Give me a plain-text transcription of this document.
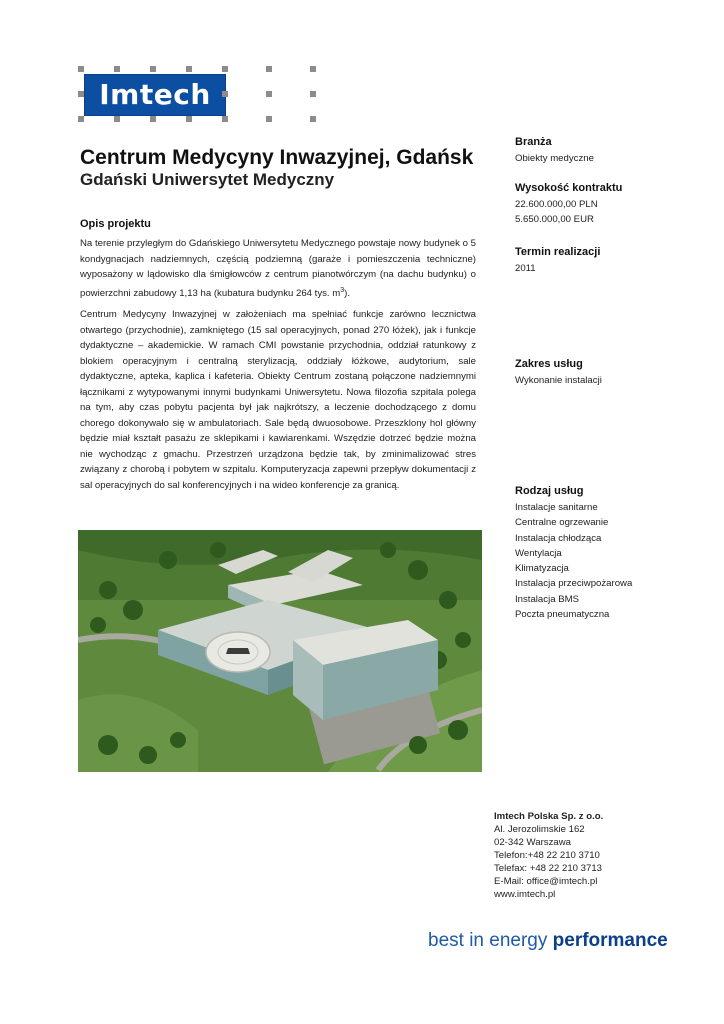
Imtech
Centrum Medycyny Inwazyjnej, Gdańsk
Gdański Uniwersytet Medyczny
Opis projektu

Na terenie przyległym do Gdańskiego Uniwersytetu Medycznego powstaje nowy budynek o 5 kondygnacjach nadziemnych, częścią podziemną (garaże i pomieszczenia techniczne) wyposażony w lądowisko dla śmigłowców z centrum pianotwórczym (na dachu budynku) o powierzchni zabudowy 1,13 ha (kubatura budynku 264 tys. $m^3$).

Centrum Medycyny Inwazyjnej w założeniach ma spełniać funkcje zarówno lecznictwa otwartego (przychodnie), zamkniętego (15 sal operacyjnych, ponad 270 łóżek), jak i funkcje dydaktyczne – akademickie. W ramach CMI powstanie przychodnia, oddział ratunkowy z blokiem operacyjnym i centralną sterylizacją, oddziały łóżkowe, audytorium, sale dydaktyczne, apteka, kaplica i kafeteria. Obiekty Centrum zostaną połączone nadziemnymi łącznikami z wytypowanymi innymi budynkami Uniwersytetu. Nowa filozofia szpitala polega na tym, aby czas pobytu pacjenta był jak najkrótszy, a leczenie dochodzącego z domu chorego dokonywało się w ambulatoriach. Sale będą dwuosobowe. Przeszklony hol główny będzie miał kształt pasażu ze sklepikami i kawiarenkami. Wszędzie dotrzeć będzie można nie wychodząc z gmachu. Przestrzeń urządzona będzie tak, by zminimalizować stres związany z chorobą i pobytem w szpitalu. Komputeryzacja zapewni przepływ dokumentacji z sal operacyjnych do sal konferencyjnych i na wideo konferencje za granicą.

Branża
Obiekty medyczne
Wysokość kontraktu
22.600.000,00 PLN
5.650.000,00 EUR
Termin realizacji
2011
Zakres usług
Wykonanie instalacji
Rodzaj usług
Instalacje sanitarne
Centralne ogrzewanie
Instalacja chłodząca
Wentylacja
Klimatyzacja
Instalacja przeciwpożarowa
Instalacja BMS
Poczta pneumatyczna
Imtech Polska Sp. z o.o.
Al. Jerozolimskie 162
02-342 Warszawa
Telefon:+48 22 210 3710
Telefax: +48 22 210 3713
E-Mail: office@imtech.pl
www.imtech.pl
best in energy performance
